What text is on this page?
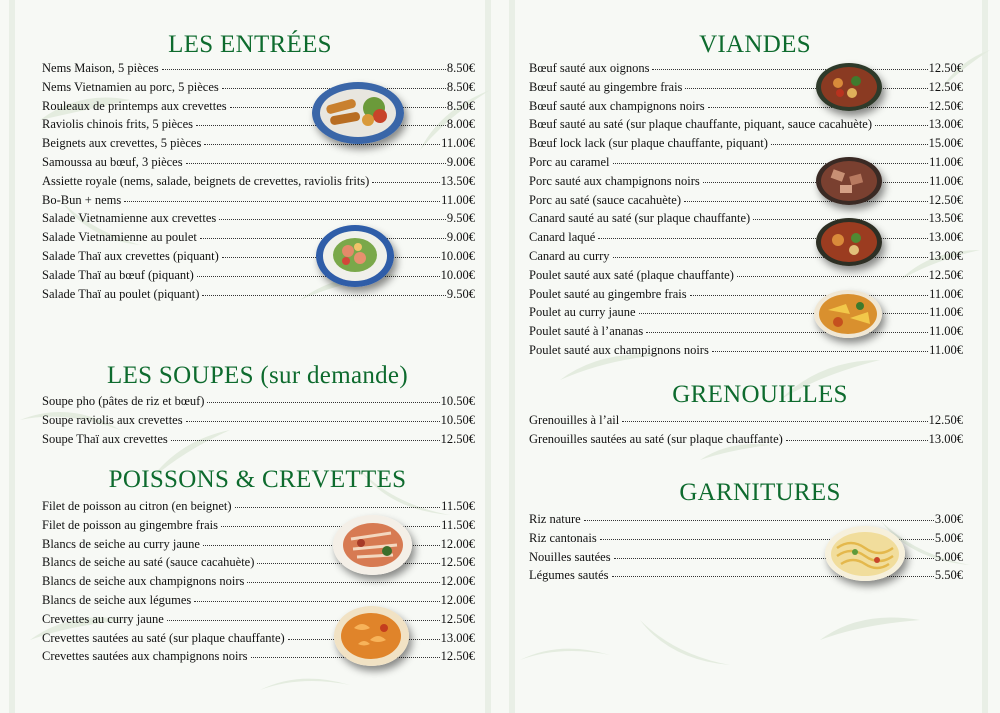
LES ENTRÉES
Nems Maison, 5 pièces	8.50€
Nems Vietnamien au porc, 5 pièces	8.50€
Rouleaux de printemps aux crevettes	8.50€
Raviolis chinois frits, 5 pièces	8.00€
Beignets aux crevettes, 5 pièces	11.00€
Samoussa au bœuf, 3 pièces	9.00€
Assiette royale (nems, salade, beignets de crevettes, raviolis frits)	13.50€
Bo-Bun + nems	11.00€
Salade Vietnamienne aux crevettes	9.50€
Salade Vietnamienne au poulet	9.00€
Salade Thaï aux crevettes (piquant)	10.00€
Salade Thaï au bœuf (piquant)	10.00€
Salade Thaï au poulet (piquant)	9.50€
LES SOUPES (sur demande)
Soupe pho (pâtes de riz et bœuf)	10.50€
Soupe raviolis aux crevettes	10.50€
Soupe Thaï aux crevettes	12.50€
POISSONS & CREVETTES
Filet de poisson au citron (en beignet)	11.50€
Filet de poisson au gingembre frais	11.50€
Blancs de seiche au curry jaune	12.00€
Blancs de seiche au saté (sauce cacahuète)	12.50€
Blancs de seiche aux champignons noirs	12.00€
Blancs de seiche aux légumes	12.00€
Crevettes au curry jaune	12.50€
Crevettes sautées au saté (sur plaque chauffante)	13.00€
Crevettes sautées aux champignons noirs	12.50€
VIANDES
Bœuf sauté aux oignons	12.50€
Bœuf sauté au gingembre frais	12.50€
Bœuf sauté aux champignons noirs	12.50€
Bœuf sauté au saté (sur plaque chauffante, piquant, sauce cacahuète)	13.00€
Bœuf lock lack (sur plaque chauffante, piquant)	15.00€
Porc au caramel	11.00€
Porc sauté aux champignons noirs	11.00€
Porc au saté (sauce cacahuète)	12.50€
Canard sauté au saté (sur plaque chauffante)	13.50€
Canard laqué	13.00€
Canard au curry	13.00€
Poulet sauté aux saté (plaque chauffante)	12.50€
Poulet sauté au gingembre frais	11.00€
Poulet au curry jaune	11.00€
Poulet sauté à l’ananas	11.00€
Poulet sauté aux champignons noirs	11.00€
GRENOUILLES
Grenouilles à l’ail	12.50€
Grenouilles sautées au saté (sur plaque chauffante)	13.00€
GARNITURES
Riz nature	3.00€
Riz cantonais	5.00€
Nouilles sautées	5.00€
Légumes sautés	5.50€
